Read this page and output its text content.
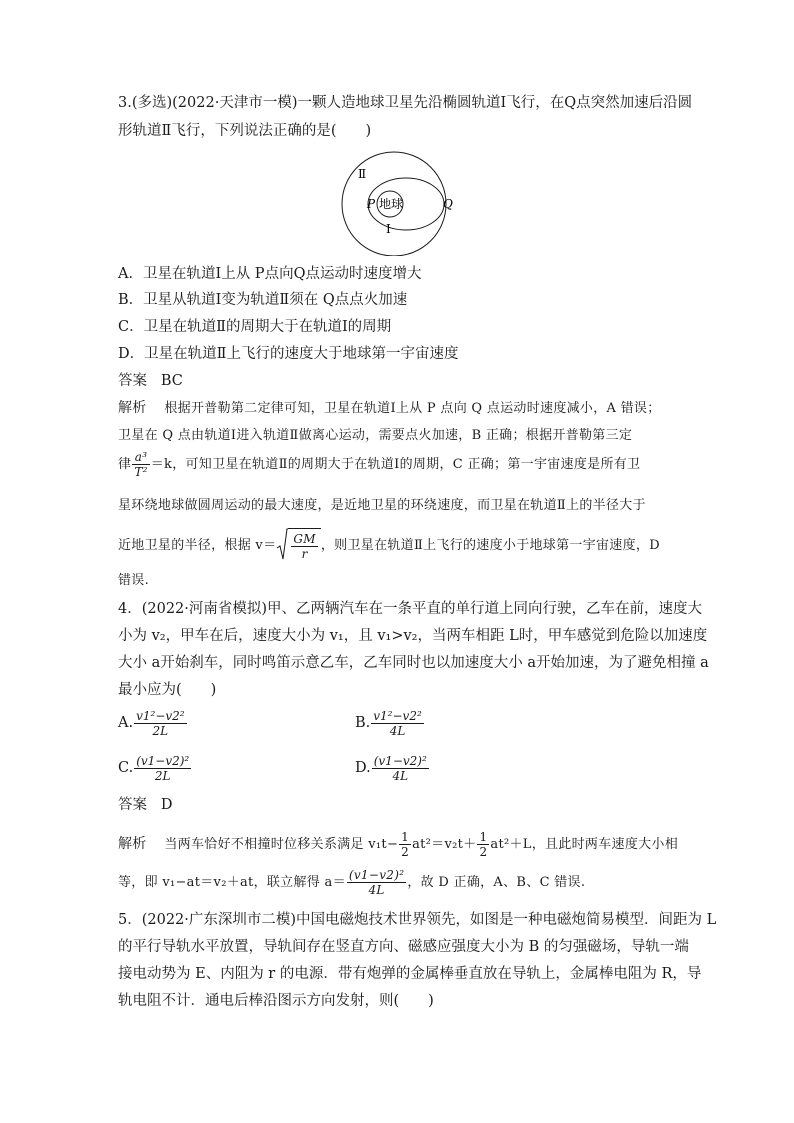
3.(多选)(2022·天津市一模)一颗人造地球卫星先沿椭圆轨道Ⅰ飞行，在Q点突然加速后沿圆
形轨道Ⅱ飞行，下列说法正确的是(　　)
Ⅱ
Ⅰ
P 地球	Q
A．卫星在轨道Ⅰ上从 P点向Q点运动时速度增大
B．卫星从轨道Ⅰ变为轨道Ⅱ须在 Q点点火加速
C．卫星在轨道Ⅱ的周期大于在轨道Ⅰ的周期
D．卫星在轨道Ⅱ上飞行的速度大于地球第一宇宙速度
答案 BC
解析 根据开普勒第二定律可知，卫星在轨道Ⅰ上从 P 点向 Q 点运动时速度减小，A 错误；
卫星在 Q 点由轨道Ⅰ进入轨道Ⅱ做离心运动，需要点火加速，B 正确；根据开普勒第三定
律 $\frac{\text{a³}}{\text{T²}} =k$，可知卫星在轨道Ⅱ的周期大于在轨道Ⅰ的周期，C 正确；第一宇宙速度是所有卫
星环绕地球做圆周运动的最大速度，是近地卫星的环绕速度，而卫星在轨道Ⅱ上的半径大于
近地卫星的半径，根据 $v= \frac{GM}{r}$ ，则卫星在轨道Ⅱ上飞行的速度小于地球第一宇宙速度，D
错误.
4．(2022·河南省模拟)甲、乙两辆汽车在一条平直的单行道上同向行驶，乙车在前，速度大
小为 v₂，甲车在后，速度大小为 v₁，且 v₁>v₂，当两车相距 L时，甲车感觉到危险以加速度
大小 a开始刹车，同时鸣笛示意乙车，乙车同时也以加速度大小 a开始加速，为了避免相撞 a
最小应为(　　)
A. $\frac{\text{v1²−v2²}}{2L}$	B. $\frac{\text{v1²−v2²}}{4L}$
C. $\frac{\text{(v1−v2)²}}{2L}$	D. $\frac{\text{(v1−v2)²}}{4L}$
答案 D
解析 当两车恰好不相撞时位移关系满足 $v_1t- \frac{1}{2} at^2=v_2t+ \frac{1}{2} at^2+L$，且此时两车速度大小相
等，即 v₁−at＝v₂＋at，联立解得 $a= \frac{\text{(v1−v2)²}}{4L}$ ，故 D 正确，A、B、C 错误.
5．(2022·广东深圳市二模)中国电磁炮技术世界领先，如图是一种电磁炮简易模型．间距为 L
的平行导轨水平放置，导轨间存在竖直方向、磁感应强度大小为 B 的匀强磁场，导轨一端
接电动势为 E、内阻为 r 的电源．带有炮弹的金属棒垂直放在导轨上，金属棒电阻为 R，导
轨电阻不计．通电后棒沿图示方向发射，则(　　)
